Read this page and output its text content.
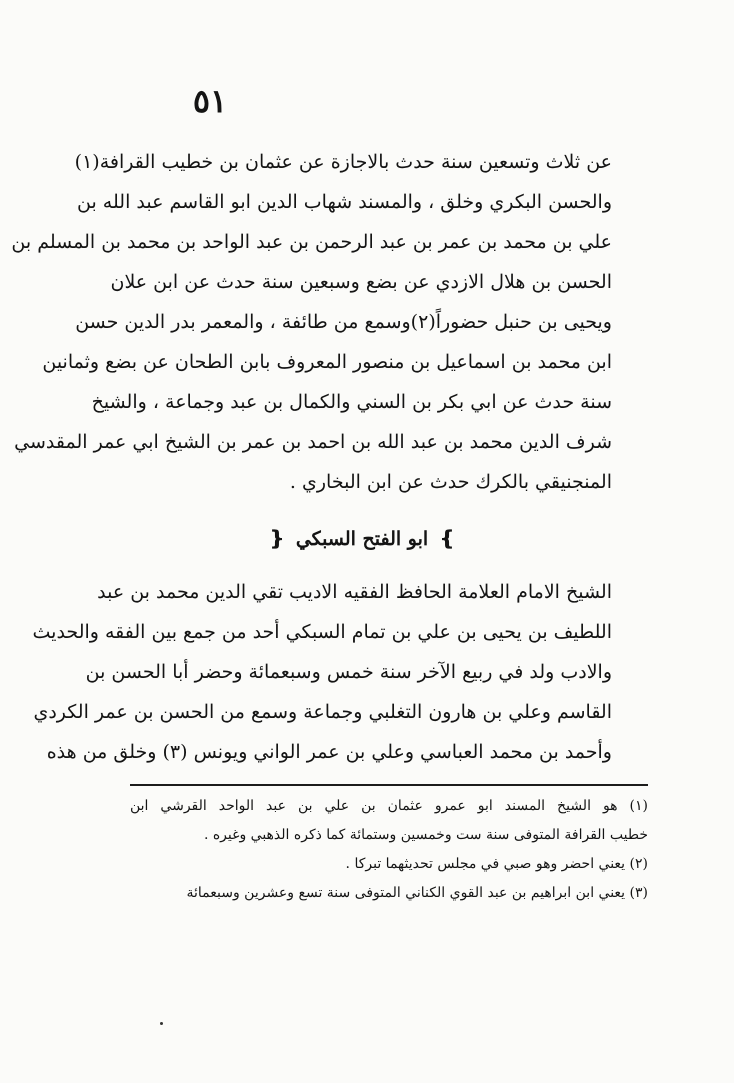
٥١
عن ثلاث وتسعين سنة حدث بالاجازة عن عثمان بن خطيب القرافة(١)
والحسن البكري وخلق ، والمسند شهاب الدين ابو القاسم عبد الله بن
علي بن محمد بن عمر بن عبد الرحمن بن عبد الواحد بن محمد بن المسلم بن
الحسن بن هلال الازدي عن بضع وسبعين سنة حدث عن ابن علان
ويحيى بن حنبل حضوراً(٢)وسمع من طائفة ، والمعمر بدر الدين حسن
ابن محمد بن اسماعيل بن منصور المعروف بابن الطحان عن بضع وثمانين
سنة حدث عن ابي بكر بن السني والكمال بن عبد وجماعة ، والشيخ
شرف الدين محمد بن عبد الله بن احمد بن عمر بن الشيخ ابي عمر المقدسي
المنجنيقي بالكرك حدث عن ابن البخاري .
❵ ابو الفتح السبكي ❴
الشيخ الامام العلامة الحافظ الفقيه الاديب تقي الدين محمد بن عبد
اللطيف بن يحيى بن علي بن تمام السبكي أحد من جمع بين الفقه والحديث
والادب ولد في ربيع الآخر سنة خمس وسبعمائة وحضر أبا الحسن بن
القاسم وعلي بن هارون التغلبي وجماعة وسمع من الحسن بن عمر الكردي
وأحمد بن محمد العباسي وعلي بن عمر الواني ويونس (٣) وخلق من هذه
(١) هو الشيخ المسند ابو عمرو عثمان بن علي بن عبد الواحد القرشي ابن
خطيب القرافة المتوفى سنة ست وخمسين وستمائة كما ذكره الذهبي وغيره .
(٢) يعني احضر وهو صبي في مجلس تحديثهما تبركا .
(٣) يعني ابن ابراهيم بن عبد القوي الكناني المتوفى سنة تسع وعشرين وسبعمائة
